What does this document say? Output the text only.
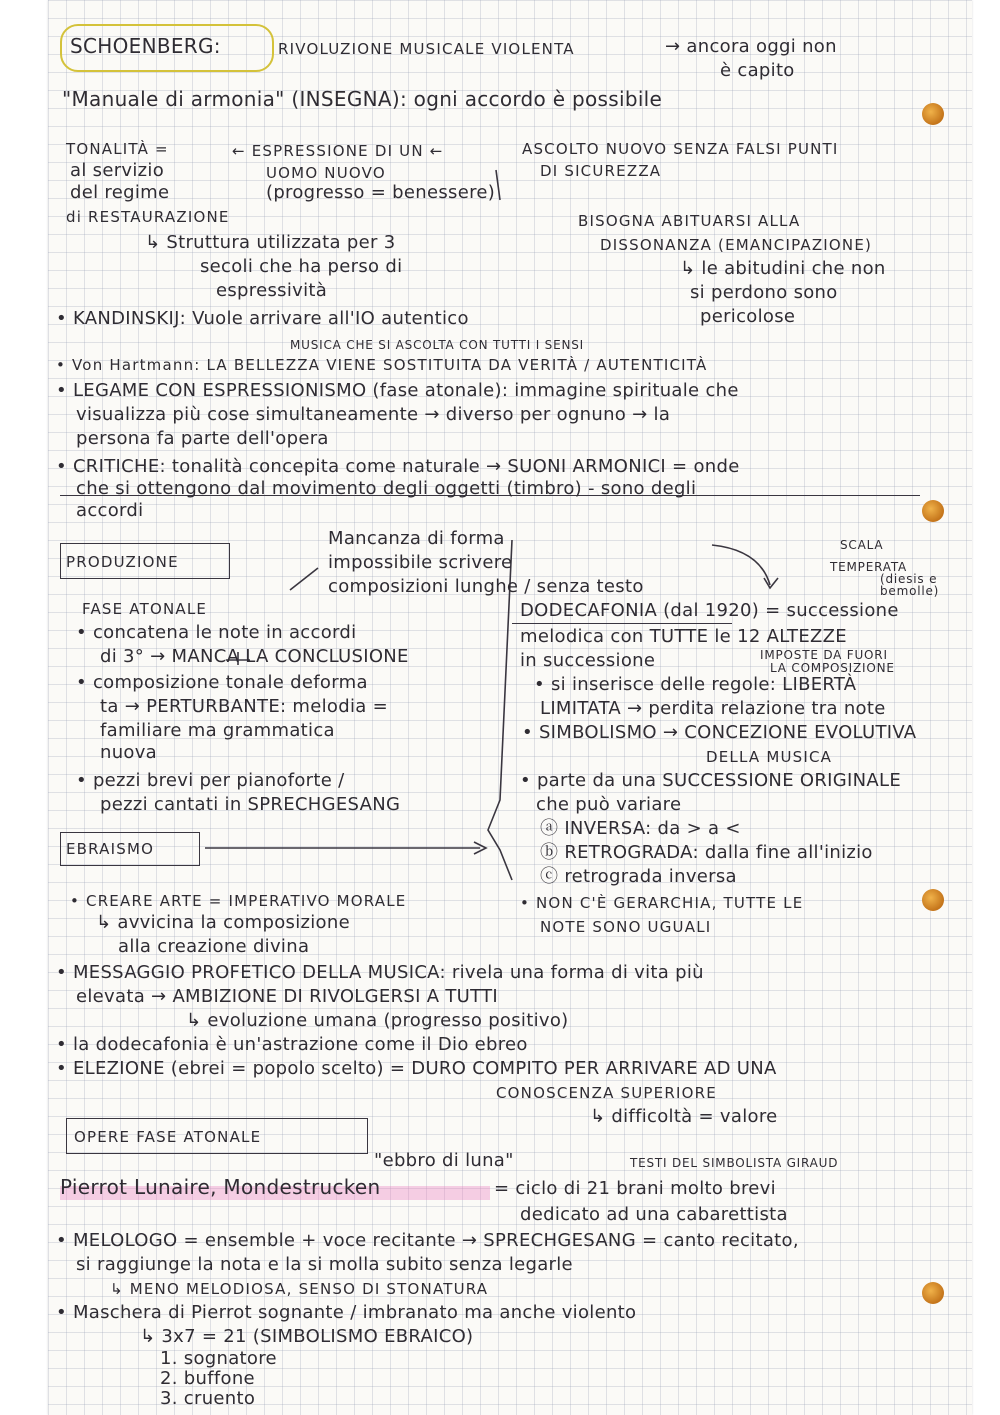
SCHOENBERG:	RIVOLUZIONE MUSICALE VIOLENTA	→ ancora oggi non
è capito
"Manuale di armonia" (INSEGNA): ogni accordo è possibile
TONALITÀ =
al servizio
del regime
di RESTAURAZIONE
← ESPRESSIONE DI UN ←
UOMO NUOVO
(progresso = benessere)
ASCOLTO NUOVO SENZA FALSI PUNTI
DI SICUREZZA
BISOGNA ABITUARSI ALLA
DISSONANZA (EMANCIPAZIONE)
↳ le abitudini che non
si perdono sono
pericolose
↳ Struttura utilizzata per 3
secoli che ha perso di
espressività
• KANDINSKIJ: Vuole arrivare all'IO autentico
MUSICA CHE SI ASCOLTA CON TUTTI I SENSI
• Von Hartmann: LA BELLEZZA VIENE SOSTITUITA DA VERITÀ / AUTENTICITÀ
• LEGAME CON ESPRESSIONISMO (fase atonale): immagine spirituale che
visualizza più cose simultaneamente → diverso per ognuno → la
persona fa parte dell'opera
• CRITICHE: tonalità concepita come naturale → SUONI ARMONICI = onde
che si ottengono dal movimento degli oggetti (timbro) - sono degli
accordi
PRODUZIONE
Mancanza di forma
impossibile scrivere
composizioni lunghe / senza testo
SCALA
TEMPERATA
(diesis e
bemolle)
FASE ATONALE
• concatena le note in accordi
di 3° → MANCA LA CONCLUSIONE
• composizione tonale deforma
ta → PERTURBANTE: melodia =
familiare ma grammatica
nuova
• pezzi brevi per pianoforte /
pezzi cantati in SPRECHGESANG
DODECAFONIA (dal 1920) = successione
melodica con TUTTE le 12 ALTEZZE
in successione	IMPOSTE DA FUORI
LA COMPOSIZIONE
• si inserisce delle regole: LIBERTÀ
LIMITATA → perdita relazione tra note
• SIMBOLISMO → CONCEZIONE EVOLUTIVA
DELLA MUSICA
• parte da una SUCCESSIONE ORIGINALE
che può variare
ⓐ INVERSA: da > a <
ⓑ RETROGRADA: dalla fine all'inizio
ⓒ retrograda inversa
• NON C'È GERARCHIA, TUTTE LE
NOTE SONO UGUALI
EBRAISMO
• CREARE ARTE = IMPERATIVO MORALE
↳ avvicina la composizione
alla creazione divina
• MESSAGGIO PROFETICO DELLA MUSICA: rivela una forma di vita più
elevata → AMBIZIONE DI RIVOLGERSI A TUTTI
↳ evoluzione umana (progresso positivo)
• la dodecafonia è un'astrazione come il Dio ebreo
• ELEZIONE (ebrei = popolo scelto) = DURO COMPITO PER ARRIVARE AD UNA
CONOSCENZA SUPERIORE
↳ difficoltà = valore
OPERE FASE ATONALE
"ebbro di luna"	TESTI DEL SIMBOLISTA GIRAUD
Pierrot Lunaire, Mondestrucken	= ciclo di 21 brani molto brevi
dedicato ad una cabarettista
• MELOLOGO = ensemble + voce recitante → SPRECHGESANG = canto recitato,
si raggiunge la nota e la si molla subito senza legarle
↳ MENO MELODIOSA, SENSO DI STONATURA
• Maschera di Pierrot sognante / imbranato ma anche violento
↳ 3x7 = 21 (SIMBOLISMO EBRAICO)
1. sognatore
2. buffone
3. cruento
